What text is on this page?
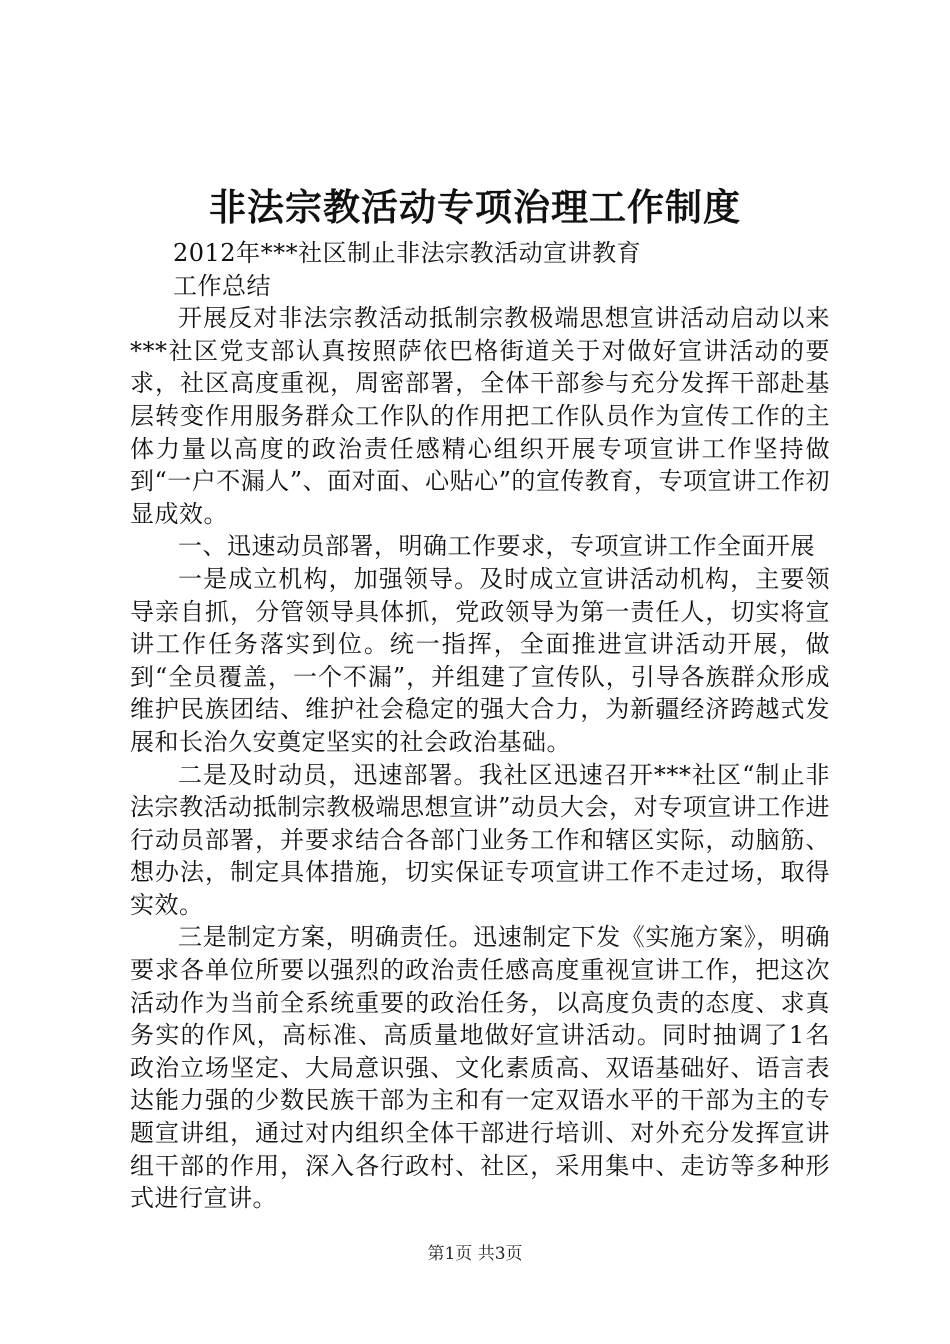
非法宗教活动专项治理工作制度
2012年***社区制止非法宗教活动宣讲教育
工作总结

开展反对非法宗教活动抵制宗教极端思想宣讲活动启动以来***社区党支部认真按照萨依巴格街道关于对做好宣讲活动的要求，社区高度重视，周密部署，全体干部参与充分发挥干部赴基层转变作用服务群众工作队的作用把工作队员作为宣传工作的主体力量以高度的政治责任感精心组织开展专项宣讲工作坚持做到“一户不漏人”、面对面、心贴心”的宣传教育，专项宣讲工作初显成效。

一、迅速动员部署，明确工作要求，专项宣讲工作全面开展

一是成立机构，加强领导。及时成立宣讲活动机构，主要领导亲自抓，分管领导具体抓，党政领导为第一责任人，切实将宣讲工作任务落实到位。统一指挥，全面推进宣讲活动开展，做到“全员覆盖，一个不漏”，并组建了宣传队，引导各族群众形成维护民族团结、维护社会稳定的强大合力，为新疆经济跨越式发展和长治久安奠定坚实的社会政治基础。

二是及时动员，迅速部署。我社区迅速召开***社区“制止非法宗教活动抵制宗教极端思想宣讲”动员大会，对专项宣讲工作进行动员部署，并要求结合各部门业务工作和辖区实际，动脑筋、想办法，制定具体措施，切实保证专项宣讲工作不走过场，取得实效。

三是制定方案，明确责任。迅速制定下发《实施方案》，明确要求各单位所要以强烈的政治责任感高度重视宣讲工作，把这次活动作为当前全系统重要的政治任务，以高度负责的态度、求真务实的作风，高标准、高质量地做好宣讲活动。同时抽调了1名政治立场坚定、大局意识强、文化素质高、双语基础好、语言表达能力强的少数民族干部为主和有一定双语水平的干部为主的专题宣讲组，通过对内组织全体干部进行培训、对外充分发挥宣讲组干部的作用，深入各行政村、社区，采用集中、走访等多种形式进行宣讲。

第1页 共3页
